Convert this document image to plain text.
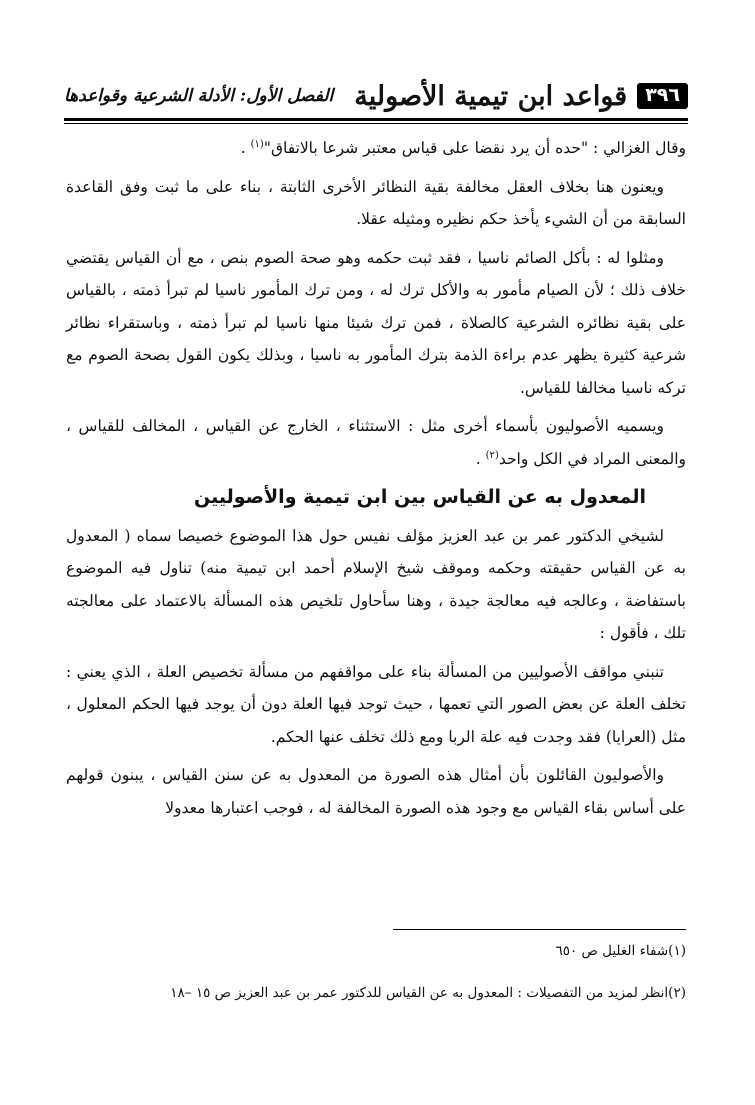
٣٩٦
قواعد ابن تيمية الأصولية
الفصل الأول: الأدلة الشرعية وقواعدها

وقال الغزالي : "حده أن يرد نقضا على قياس معتبر شرعا بالاتفاق"$^{(١)}$ .

ويعنون هنا بخلاف العقل مخالفة بقية النظائر الأخرى الثابتة ، بناء على ما ثبت وفق القاعدة السابقة من أن الشيء يأخذ حكم نظيره ومثيله عقلا.

ومثلوا له : بأكل الصائم ناسيا ، فقد ثبت حكمه وهو صحة الصوم بنص ، مع أن القياس يقتضي خلاف ذلك ؛ لأن الصيام مأمور به والأكل ترك له ، ومن ترك المأمور ناسيا لم تبرأ ذمته ، بالقياس على بقية نظائره الشرعية كالصلاة ، فمن ترك شيئا منها ناسيا لم تبرأ ذمته ، وباستقراء نظائر شرعية كثيرة يظهر عدم براءة الذمة بترك المأمور به ناسيا ، وبذلك يكون القول بصحة الصوم مع تركه ناسيا مخالفا للقياس.

ويسميه الأصوليون بأسماء أخرى مثل : الاستثناء ، الخارج عن القياس ، المخالف للقياس ، والمعنى المراد في الكل واحد$^{(٢)}$ .

المعدول به عن القياس بين ابن تيمية والأصوليين

لشيخي الدكتور عمر بن عبد العزيز مؤلف نفيس حول هذا الموضوع خصيصا سماه ( المعدول به عن القياس حقيقته وحكمه وموقف شيخ الإسلام أحمد ابن تيمية منه) تناول فيه الموضوع باستفاضة ، وعالجه فيه معالجة جيدة ، وهنا سأحاول تلخيص هذه المسألة بالاعتماد على معالجته تلك ، فأقول :

تنبني مواقف الأصوليين من المسألة بناء على مواقفهم من مسألة تخصيص العلة ، الذي يعني : تخلف العلة عن بعض الصور التي تعمها ، حيث توجد فيها العلة دون أن يوجد فيها الحكم المعلول ، مثل (العرايا) فقد وجدت فيه علة الربا ومع ذلك تخلف عنها الحكم.

والأصوليون القائلون بأن أمثال هذه الصورة من المعدول به عن سنن القياس ، يبنون قولهم على أساس بقاء القياس مع وجود هذه الصورة المخالفة له ، فوجب اعتبارها معدولا

(١)شفاء الغليل ص ٦٥٠

(٢)انظر لمزيد من التفصيلات : المعدول به عن القياس للدكتور عمر بن عبد العزيز ص ١٥ –١٨
